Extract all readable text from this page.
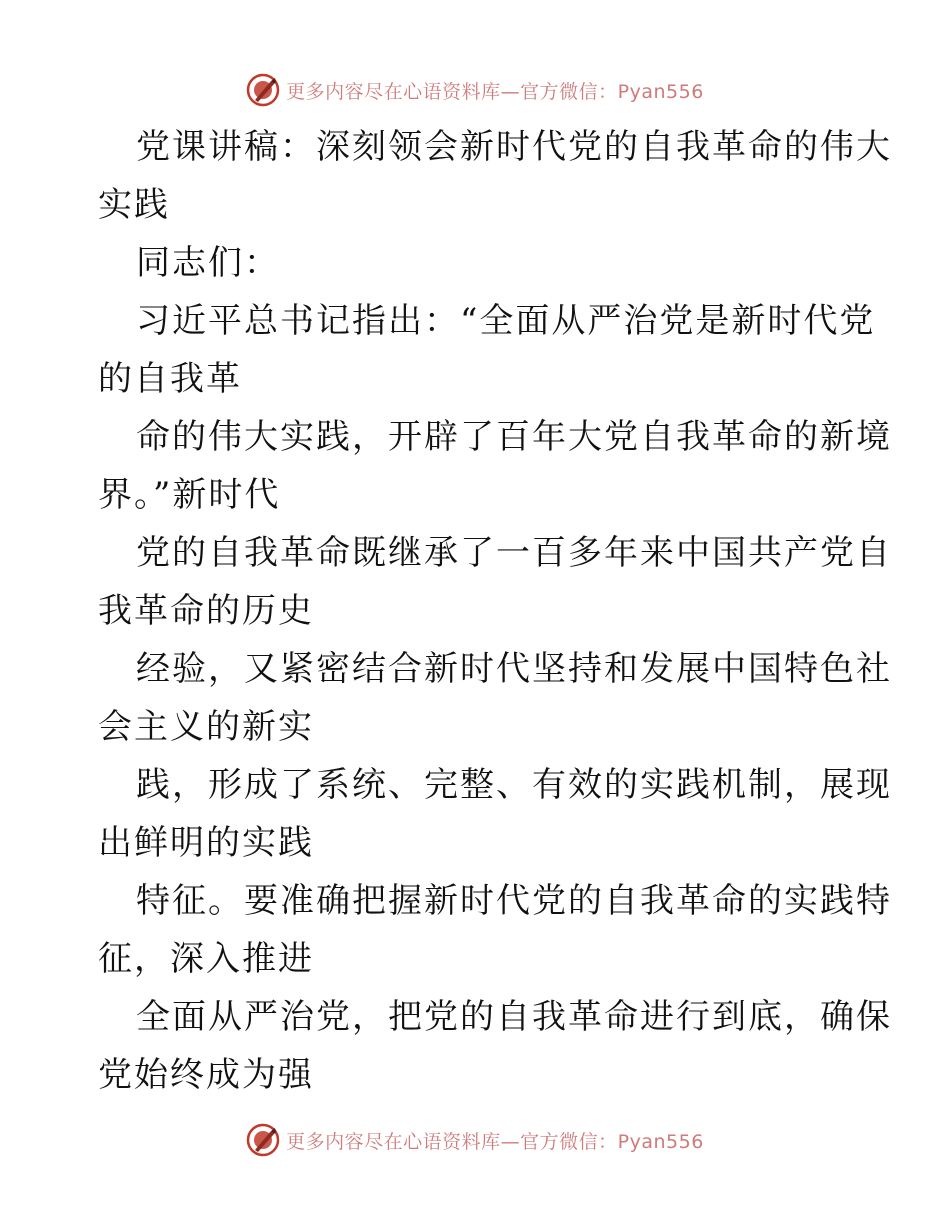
更多内容尽在心语资料库—官方微信：Pyan556
党课讲稿：深刻领会新时代党的自我革命的伟大
实践
同志们：
习近平总书记指出：“全面从严治党是新时代党
的自我革
命的伟大实践，开辟了百年大党自我革命的新境
界。”新时代
党的自我革命既继承了一百多年来中国共产党自
我革命的历史
经验，又紧密结合新时代坚持和发展中国特色社
会主义的新实
践，形成了系统、完整、有效的实践机制，展现
出鲜明的实践
特征。要准确把握新时代党的自我革命的实践特
征，深入推进
全面从严治党，把党的自我革命进行到底，确保
党始终成为强
更多内容尽在心语资料库—官方微信：Pyan556
